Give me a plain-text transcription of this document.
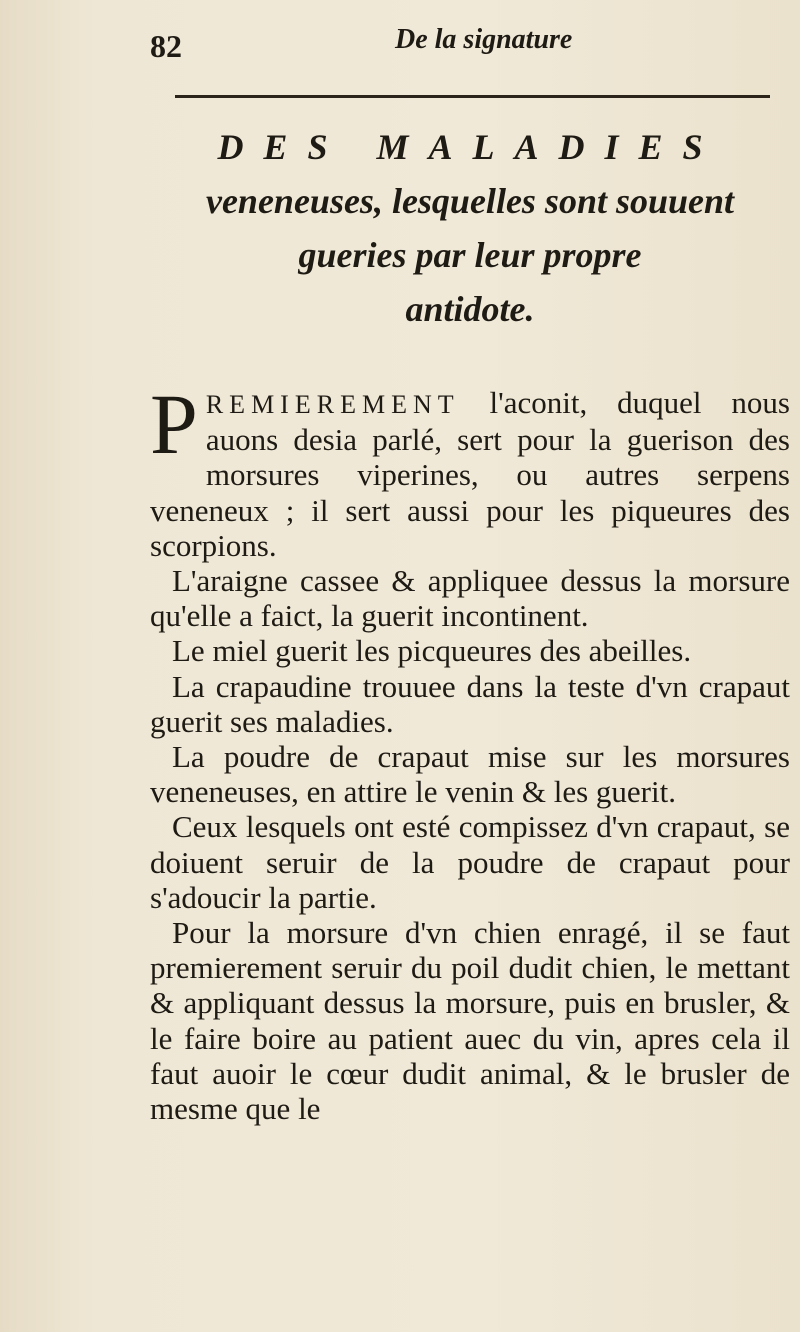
82	De la signature
DES MALADIES
veneneuses, lesquelles sont souuent
gueries par leur propre
antidote.

PREMIEREMENT l'aconit, duquel nous auons desia parlé, sert pour la guerison des morsures viperines, ou autres serpens veneneux ; il sert aussi pour les piqueures des scorpions.

L'araigne cassee & appliquee dessus la morsure qu'elle a faict, la guerit incontinent.

Le miel guerit les picqueures des abeilles.

La crapaudine trouuee dans la teste d'vn crapaut guerit ses maladies.

La poudre de crapaut mise sur les morsures veneneuses, en attire le venin & les guerit.

Ceux lesquels ont esté compissez d'vn crapaut, se doiuent seruir de la poudre de crapaut pour s'adoucir la partie.

Pour la morsure d'vn chien enragé, il se faut premierement seruir du poil dudit chien, le mettant & appliquant dessus la morsure, puis en brusler, & le faire boire au patient auec du vin, apres cela il faut auoir le cœur dudit animal, & le brusler de mesme que le
